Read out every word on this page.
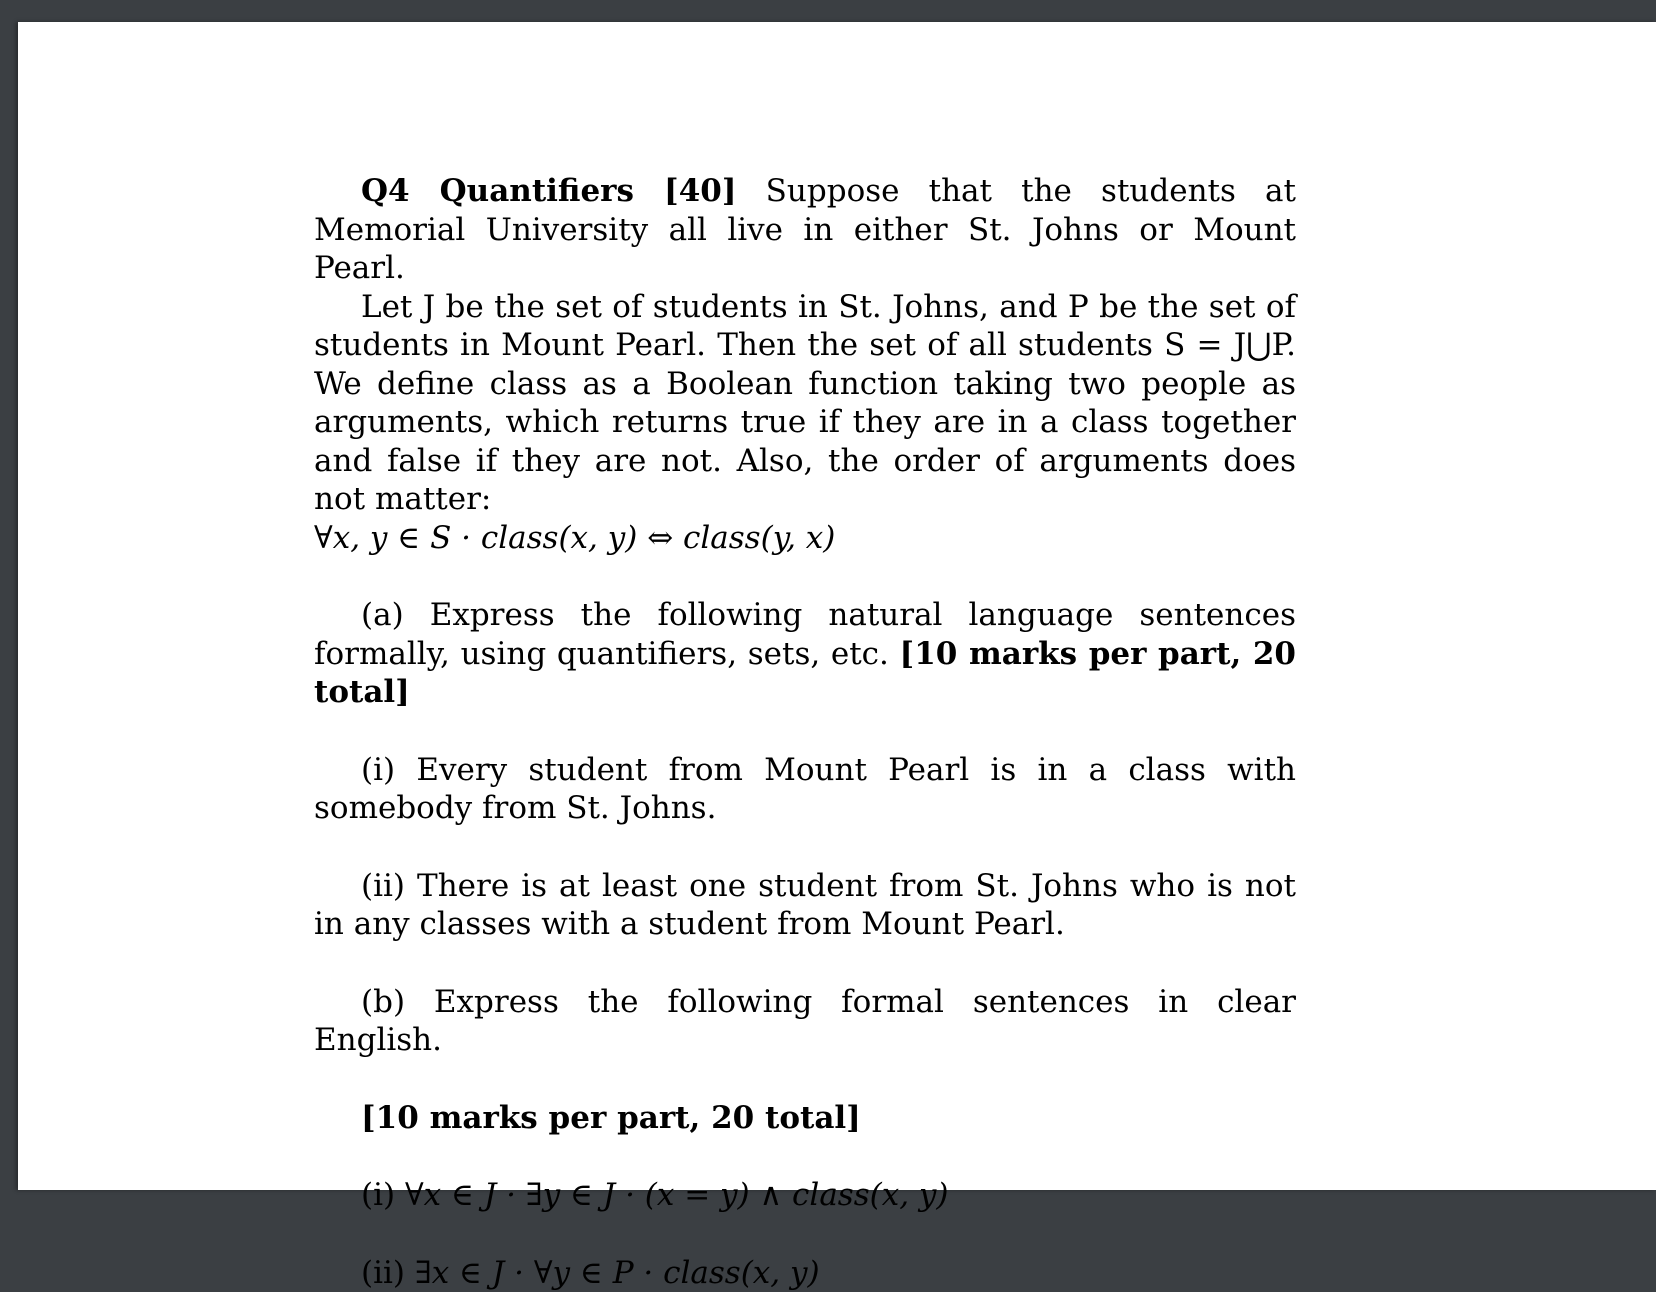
Q4 Quantifiers [40] Suppose that the students at Memorial University all live in either St. Johns or Mount Pearl.

Let J be the set of students in St. Johns, and P be the set of students in Mount Pearl. Then the set of all students S = J⋃P. We define class as a Boolean function taking two people as arguments, which returns true if they are in a class together and false if they are not. Also, the order of arguments does not matter:

∀x, y ∈ S · class(x, y) ⇔ class(y, x)

(a) Express the following natural language sentences formally, using quantifiers, sets, etc. [10 marks per part, 20 total]

(i) Every student from Mount Pearl is in a class with somebody from St. Johns.

(ii) There is at least one student from St. Johns who is not in any classes with a student from Mount Pearl.

(b) Express the following formal sentences in clear English.

[10 marks per part, 20 total]

(i) ∀x ∈ J · ∃y ∈ J · (x = y) ∧ class(x, y)

(ii) ∃x ∈ J · ∀y ∈ P · class(x, y)
